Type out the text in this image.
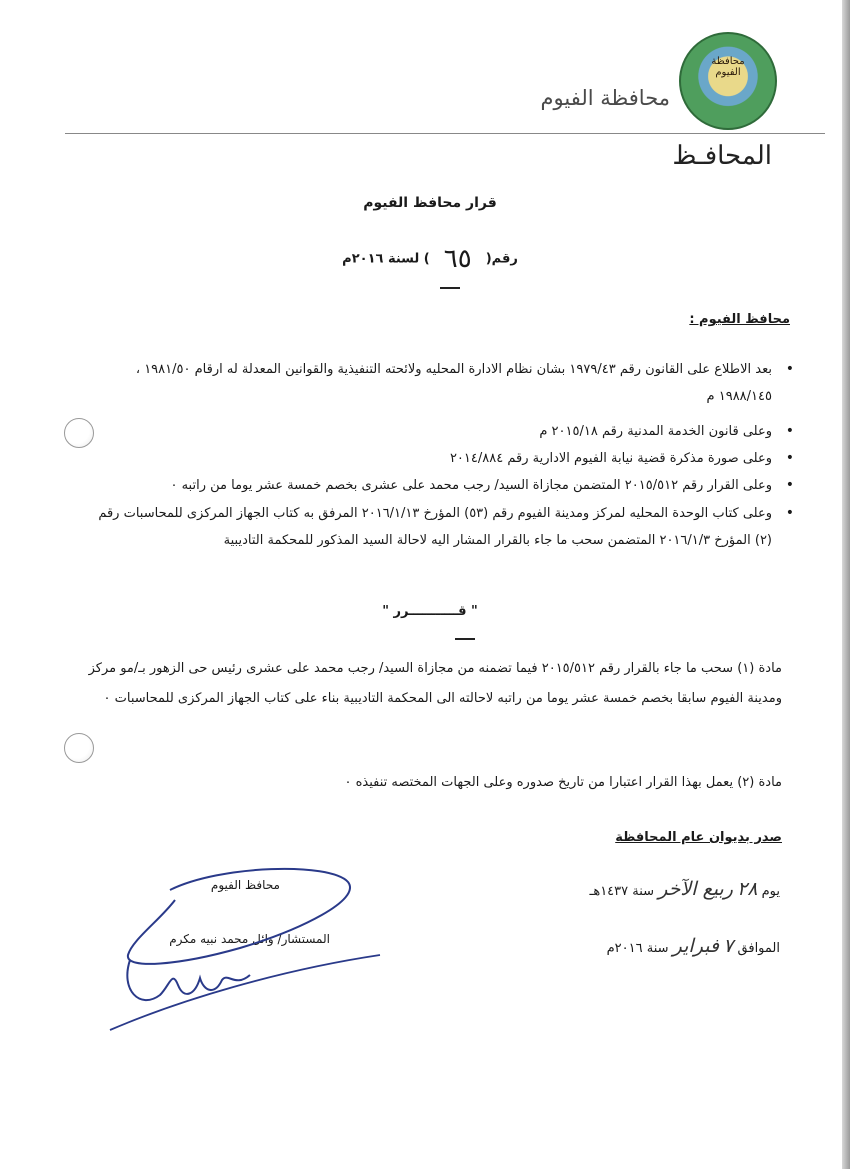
محافظة الفيوم
محافظة الفيوم
المحافـظ
قرار محافظ الفيوم
رقم(٦٥) لسنة ٢٠١٦م
محافظ الفيوم :
بعد الاطلاع على القانون رقم ١٩٧٩/٤٣ بشان نظام الادارة المحليه ولائحته التنفيذية والقوانين المعدلة له ارقام ١٩٨١/٥٠ ، ١٩٨٨/١٤٥ م •
وعلى قانون الخدمة المدنية رقم ٢٠١٥/١٨ م •
وعلى صورة مذكرة قضية نيابة الفيوم الادارية رقم ٢٠١٤/٨٨٤ •
وعلى القرار رقم ٢٠١٥/٥١٢ المتضمن مجازاة السيد/ رجب محمد على عشرى بخصم خمسة عشر يوما من راتبه ٠ •
وعلى كتاب الوحدة المحليه لمركز ومدينة الفيوم رقم (٥٣) المؤرخ ٢٠١٦/١/١٣ المرفق به كتاب الجهاز المركزى للمحاسبات رقم (٢) المؤرخ ٢٠١٦/١/٣ المتضمن سحب ما جاء بالقرار المشار اليه لاحالة السيد المذكور للمحكمة التاديبية •
" قـــــــــــرر "
مادة (١) سحب ما جاء بالقرار رقم ٢٠١٥/٥١٢ فيما تضمنه من مجازاة السيد/ رجب محمد على عشرى رئيس حى الزهور بـ/مو مركز ومدينة الفيوم سابقا بخصم خمسة عشر يوما من راتبه لاحالته الى المحكمة التاديبية بناء على كتاب الجهاز المركزى للمحاسبات ٠
مادة (٢) يعمل بهذا القرار اعتبارا من تاريخ صدوره وعلى الجهات المختصه تنفيذه ٠
صدر بديوان عام المحافظة
يوم ٢٨ ربيع الآخر سنة ١٤٣٧هـ
الموافق ٧ فبراير سنة ٢٠١٦م
محافظ الفيوم
المستشار/ وائل محمد نبيه مكرم
